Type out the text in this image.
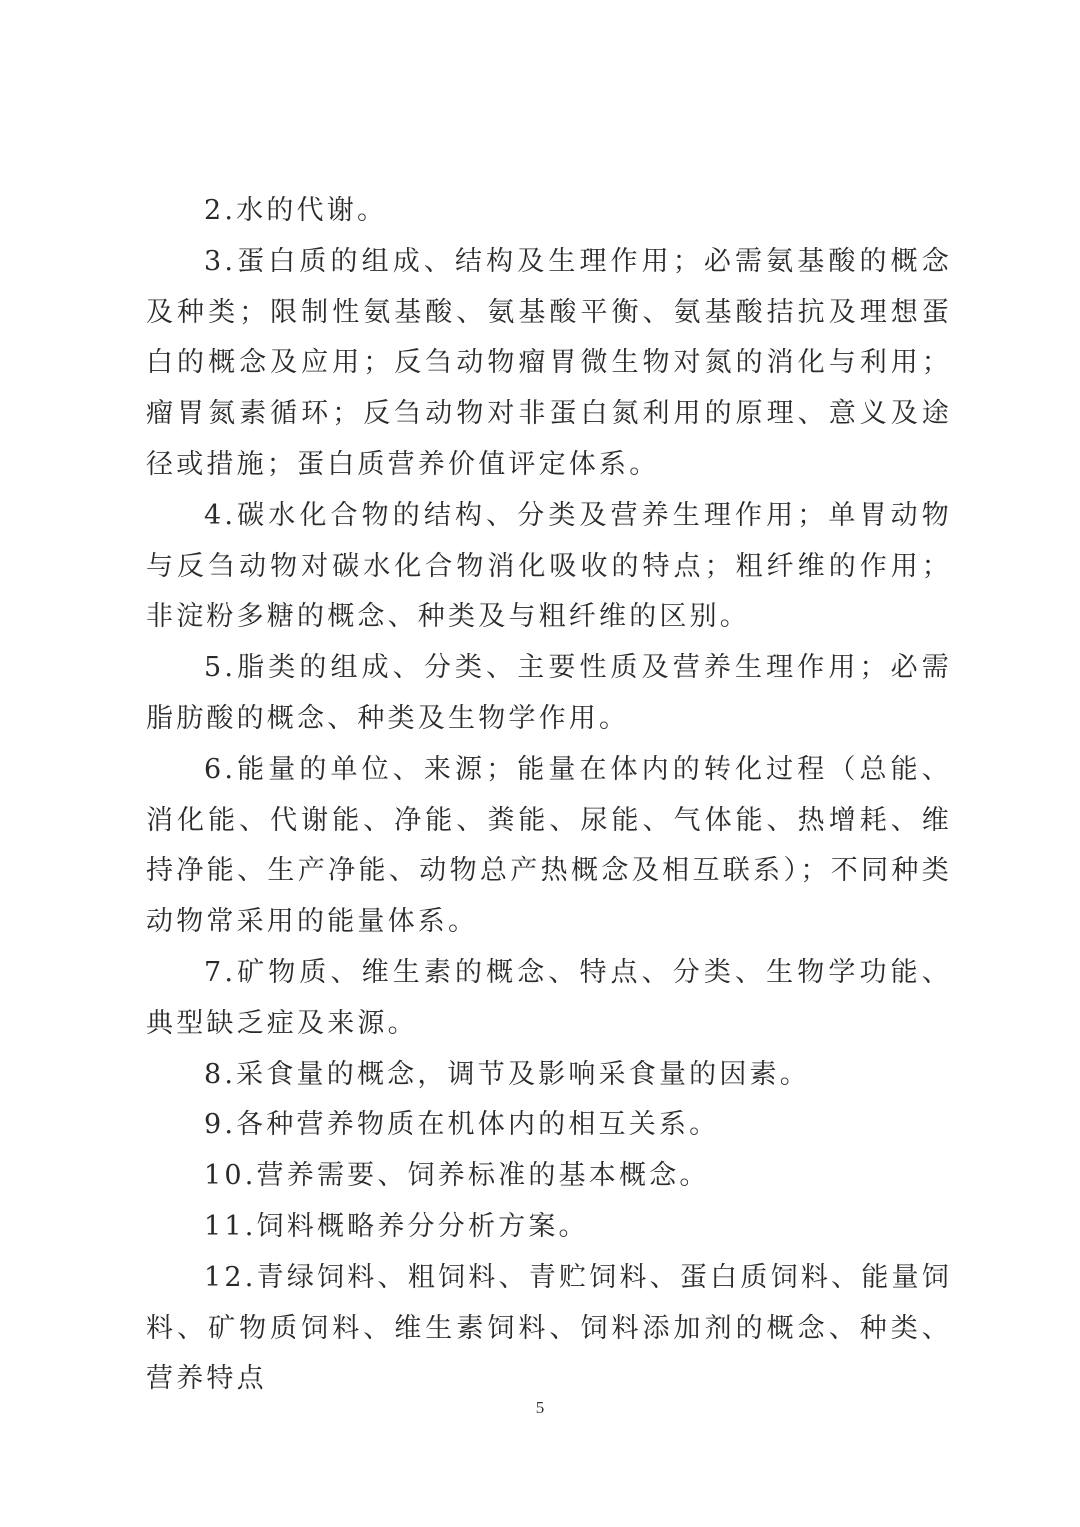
2.水的代谢。

3.蛋白质的组成、结构及生理作用；必需氨基酸的概念及种类；限制性氨基酸、氨基酸平衡、氨基酸拮抗及理想蛋白的概念及应用；反刍动物瘤胃微生物对氮的消化与利用；瘤胃氮素循环；反刍动物对非蛋白氮利用的原理、意义及途径或措施；蛋白质营养价值评定体系。

4.碳水化合物的结构、分类及营养生理作用；单胃动物与反刍动物对碳水化合物消化吸收的特点；粗纤维的作用；非淀粉多糖的概念、种类及与粗纤维的区别。

5.脂类的组成、分类、主要性质及营养生理作用；必需脂肪酸的概念、种类及生物学作用。

6.能量的单位、来源；能量在体内的转化过程（总能、消化能、代谢能、净能、粪能、尿能、气体能、热增耗、维持净能、生产净能、动物总产热概念及相互联系）；不同种类动物常采用的能量体系。

7.矿物质、维生素的概念、特点、分类、生物学功能、典型缺乏症及来源。

8.采食量的概念，调节及影响采食量的因素。

9.各种营养物质在机体内的相互关系。

10.营养需要、饲养标准的基本概念。

11.饲料概略养分分析方案。

12.青绿饲料、粗饲料、青贮饲料、蛋白质饲料、能量饲料、矿物质饲料、维生素饲料、饲料添加剂的概念、种类、营养特点

5
